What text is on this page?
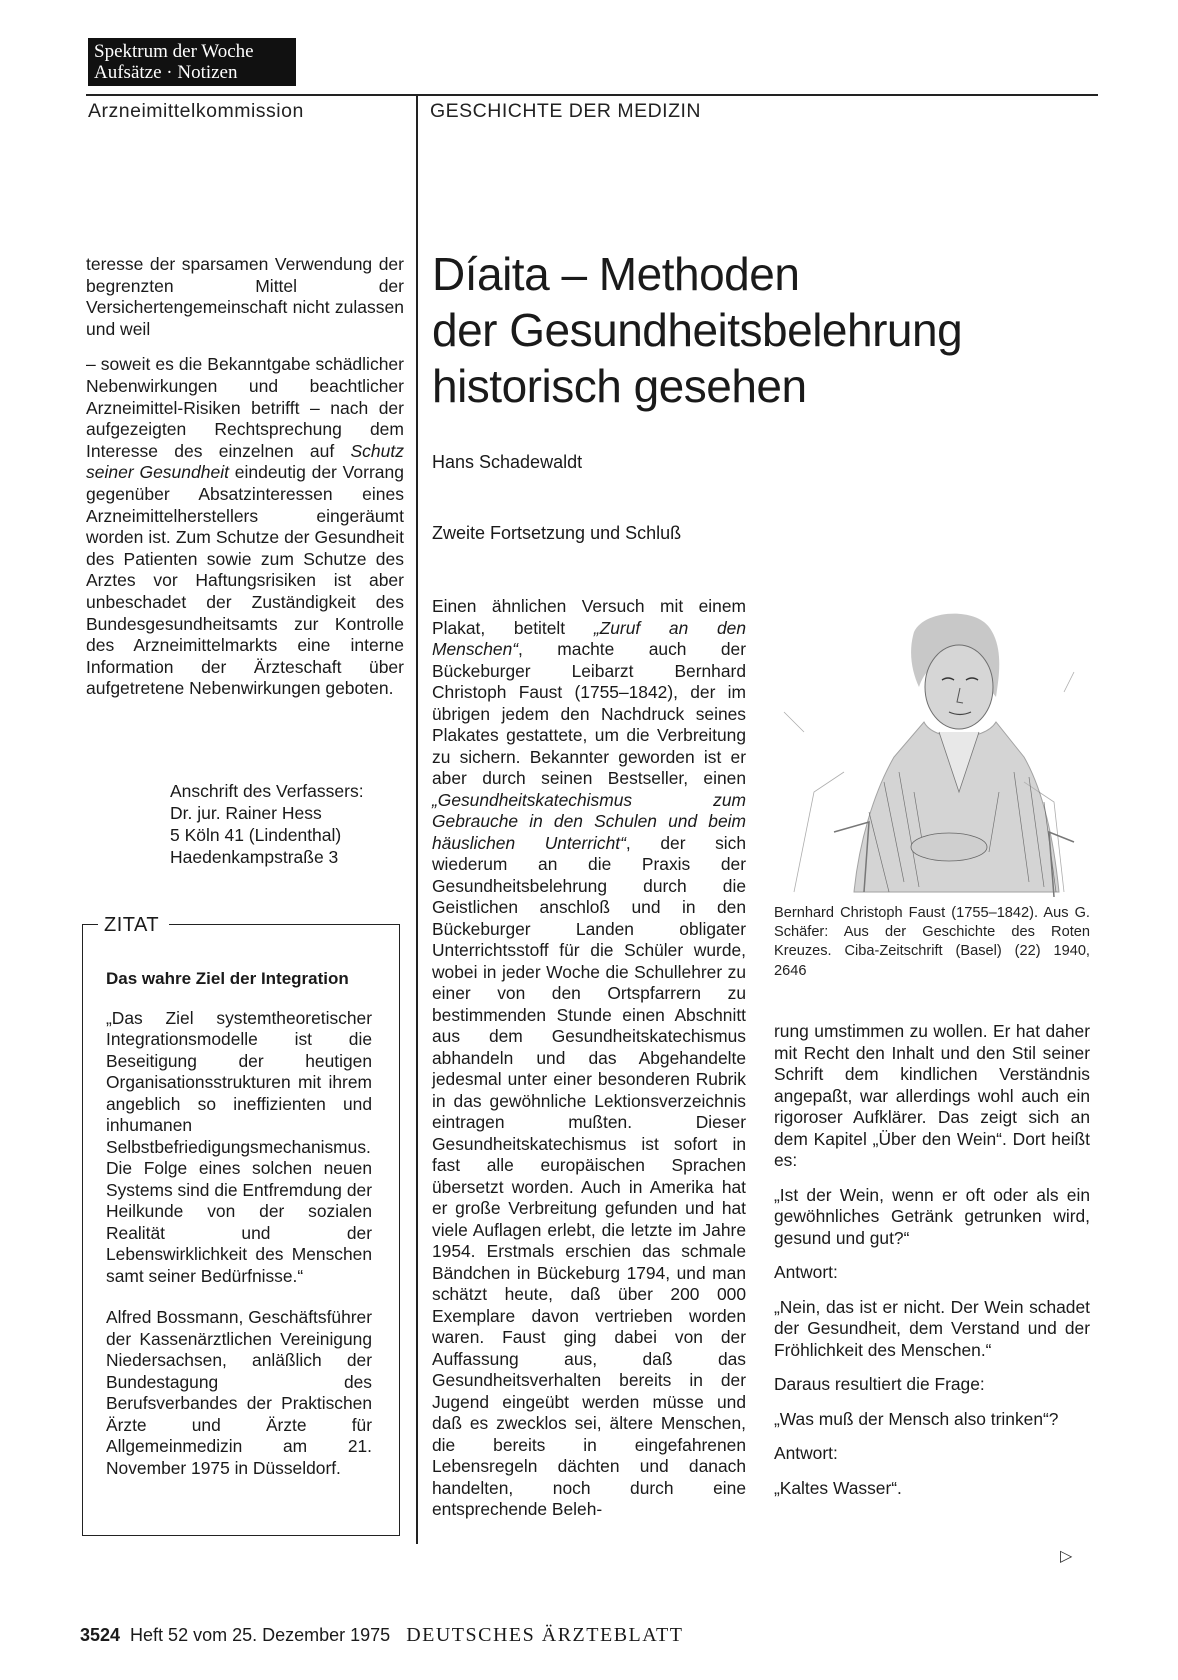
Spektrum der Woche
Aufsätze · Notizen
Arzneimittelkommission	GESCHICHTE DER MEDIZIN

teresse der sparsamen Verwendung der begrenzten Mittel der Versichertengemeinschaft nicht zulassen und weil

– soweit es die Bekanntgabe schädlicher Nebenwirkungen und beachtlicher Arzneimittel-Risiken betrifft – nach der aufgezeigten Rechtsprechung dem Interesse des einzelnen auf Schutz seiner Gesundheit eindeutig der Vorrang gegenüber Absatzinteressen eines Arzneimittelherstellers eingeräumt worden ist. Zum Schutze der Gesundheit des Patienten sowie zum Schutze des Arztes vor Haftungsrisiken ist aber unbeschadet der Zuständigkeit des Bundesgesundheitsamts zur Kontrolle des Arzneimittelmarkts eine interne Information der Ärzteschaft über aufgetretene Nebenwirkungen geboten.

Anschrift des Verfassers:
Dr. jur. Rainer Hess
5 Köln 41 (Lindenthal)
Haedenkampstraße 3
ZITAT
Das wahre Ziel der Integration

„Das Ziel systemtheoretischer Integrationsmodelle ist die Beseitigung der heutigen Organisationsstrukturen mit ihrem angeblich so ineffizienten und inhumanen Selbstbefriedigungsmechanismus. Die Folge eines solchen neuen Systems sind die Entfremdung der Heilkunde von der sozialen Realität und der Lebenswirklichkeit des Menschen samt seiner Bedürfnisse.“

Alfred Bossmann, Geschäftsführer der Kassenärztlichen Vereinigung Niedersachsen, anläßlich der Bundestagung des Berufsverbandes der Praktischen Ärzte und Ärzte für Allgemeinmedizin am 21. November 1975 in Düsseldorf.

Díaita – Methoden
der Gesundheitsbelehrung
historisch gesehen
Hans Schadewaldt
Zweite Fortsetzung und Schluß
Einen ähnlichen Versuch mit einem Plakat, betitelt „Zuruf an den Menschen“, machte auch der Bückeburger Leibarzt Bernhard Christoph Faust (1755–1842), der im übrigen jedem den Nachdruck seines Plakates gestattete, um die Verbreitung zu sichern. Bekannter geworden ist er aber durch seinen Bestseller, einen „Gesundheitskatechismus zum Gebrauche in den Schulen und beim häuslichen Unterricht“, der sich wiederum an die Praxis der Gesundheitsbelehrung durch die Geistlichen anschloß und in den Bückeburger Landen obligater Unterrichtsstoff für die Schüler wurde, wobei in jeder Woche die Schullehrer zu einer von den Ortspfarrern zu bestimmenden Stunde einen Abschnitt aus dem Gesundheitskatechismus abhandeln und das Abgehandelte jedesmal unter einer besonderen Rubrik in das gewöhnliche Lektionsverzeichnis eintragen mußten. Dieser Gesundheitskatechismus ist sofort in fast alle europäischen Sprachen übersetzt worden. Auch in Amerika hat er große Verbreitung gefunden und hat viele Auflagen erlebt, die letzte im Jahre 1954. Erstmals erschien das schmale Bändchen in Bückeburg 1794, und man schätzt heute, daß über 200 000 Exemplare davon vertrieben worden waren. Faust ging dabei von der Auffassung aus, daß das Gesundheitsverhalten bereits in der Jugend eingeübt werden müsse und daß es zwecklos sei, ältere Menschen, die bereits in eingefahrenen Lebensregeln dächten und danach handelten, noch durch eine entsprechende Beleh-
Bernhard Christoph Faust (1755–1842). Aus G. Schäfer: Aus der Geschichte des Roten Kreuzes. Ciba-Zeitschrift (Basel) (22) 1940, 2646

rung umstimmen zu wollen. Er hat daher mit Recht den Inhalt und den Stil seiner Schrift dem kindlichen Verständnis angepaßt, war allerdings wohl auch ein rigoroser Aufklärer. Das zeigt sich an dem Kapitel „Über den Wein“. Dort heißt es:

„Ist der Wein, wenn er oft oder als ein gewöhnliches Getränk getrunken wird, gesund und gut?“

Antwort:

„Nein, das ist er nicht. Der Wein schadet der Gesundheit, dem Verstand und der Fröhlichkeit des Menschen.“

Daraus resultiert die Frage:

„Was muß der Mensch also trinken“?

Antwort:

„Kaltes Wasser“.

▷
3524 Heft 52 vom 25. Dezember 1975 DEUTSCHES ÄRZTEBLATT
